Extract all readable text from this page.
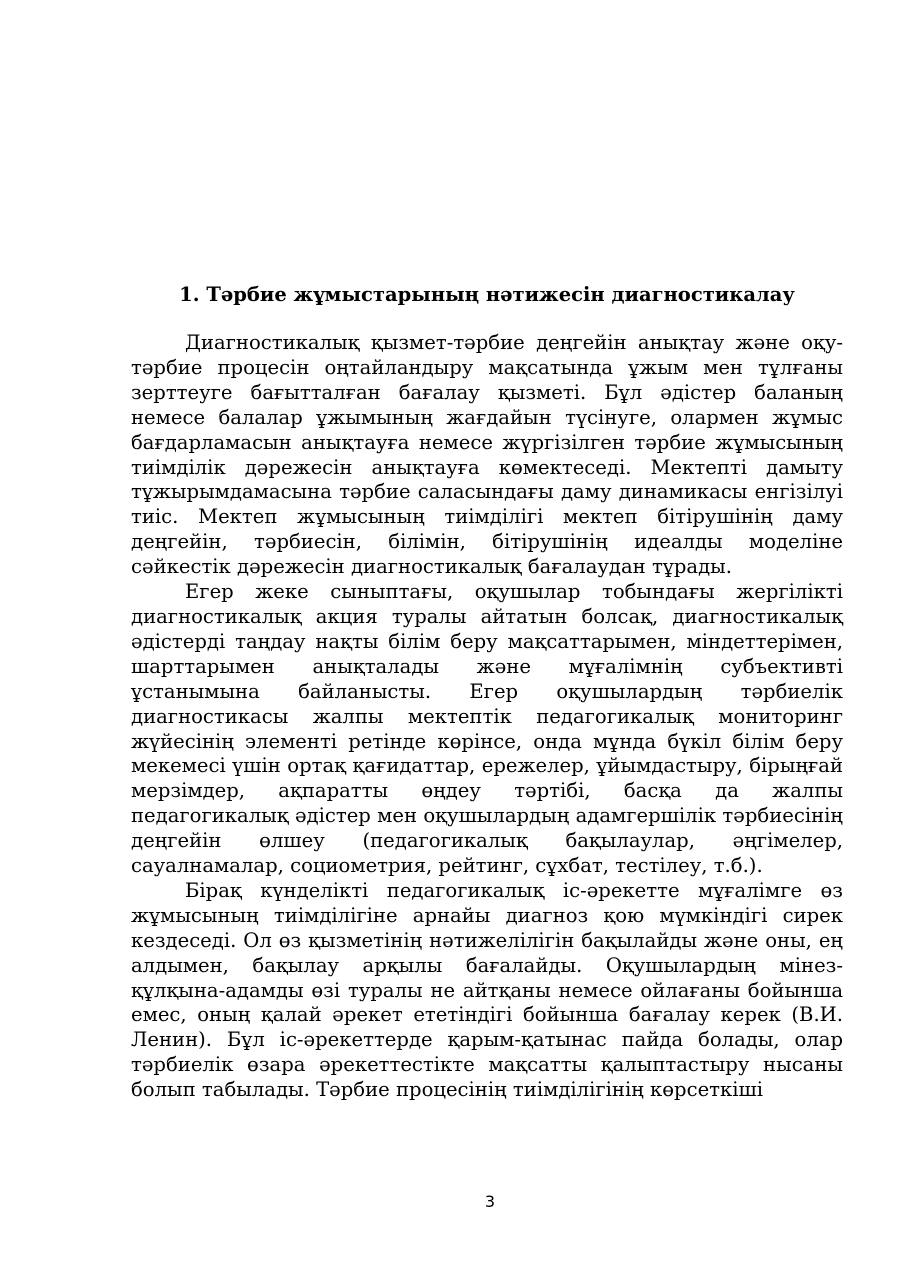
1. Тәрбие жұмыстарының нәтижесін диагностикалау

Диагностикалық қызмет-тәрбие деңгейін анықтау және оқу-тәрбие процесін оңтайландыру мақсатында ұжым мен тұлғаны зерттеуге бағытталған бағалау қызметі. Бұл әдістер баланың немесе балалар ұжымының жағдайын түсінуге, олармен жұмыс бағдарламасын анықтауға немесе жүргізілген тәрбие жұмысының тиімділік дәрежесін анықтауға көмектеседі. Мектепті дамыту тұжырымдамасына тәрбие саласындағы даму динамикасы енгізілуі тиіс. Мектеп жұмысының тиімділігі мектеп бітірушінің даму деңгейін, тәрбиесін, білімін, бітірушінің идеалды моделіне сәйкестік дәрежесін диагностикалық бағалаудан тұрады.

Егер жеке сыныптағы, оқушылар тобындағы жергілікті диагностикалық акция туралы айтатын болсақ, диагностикалық әдістерді таңдау нақты білім беру мақсаттарымен, міндеттерімен, шарттарымен анықталады және мұғалімнің субъективті ұстанымына байланысты. Егер оқушылардың тәрбиелік диагностикасы жалпы мектептік педагогикалық мониторинг жүйесінің элементі ретінде көрінсе, онда мұнда бүкіл білім беру мекемесі үшін ортақ қағидаттар, ережелер, ұйымдастыру, бірыңғай мерзімдер, ақпаратты өңдеу тәртібі, басқа да жалпы педагогикалық әдістер мен оқушылардың адамгершілік тәрбиесінің деңгейін өлшеу (педагогикалық бақылаулар, әңгімелер, сауалнамалар, социометрия, рейтинг, сұхбат, тестілеу, т.б.).

Бірақ күнделікті педагогикалық іс-әрекетте мұғалімге өз жұмысының тиімділігіне арнайы диагноз қою мүмкіндігі сирек кездеседі. Ол өз қызметінің нәтижелілігін бақылайды және оны, ең алдымен, бақылау арқылы бағалайды. Оқушылардың мінез-құлқына-адамды өзі туралы не айтқаны немесе ойлағаны бойынша емес, оның қалай әрекет ететіндігі бойынша бағалау керек (В.И. Ленин). Бұл іс-әрекеттерде қарым-қатынас пайда болады, олар тәрбиелік өзара әрекеттестікте мақсатты қалыптастыру нысаны болып табылады. Тәрбие процесінің тиімділігінің көрсеткіші

3
